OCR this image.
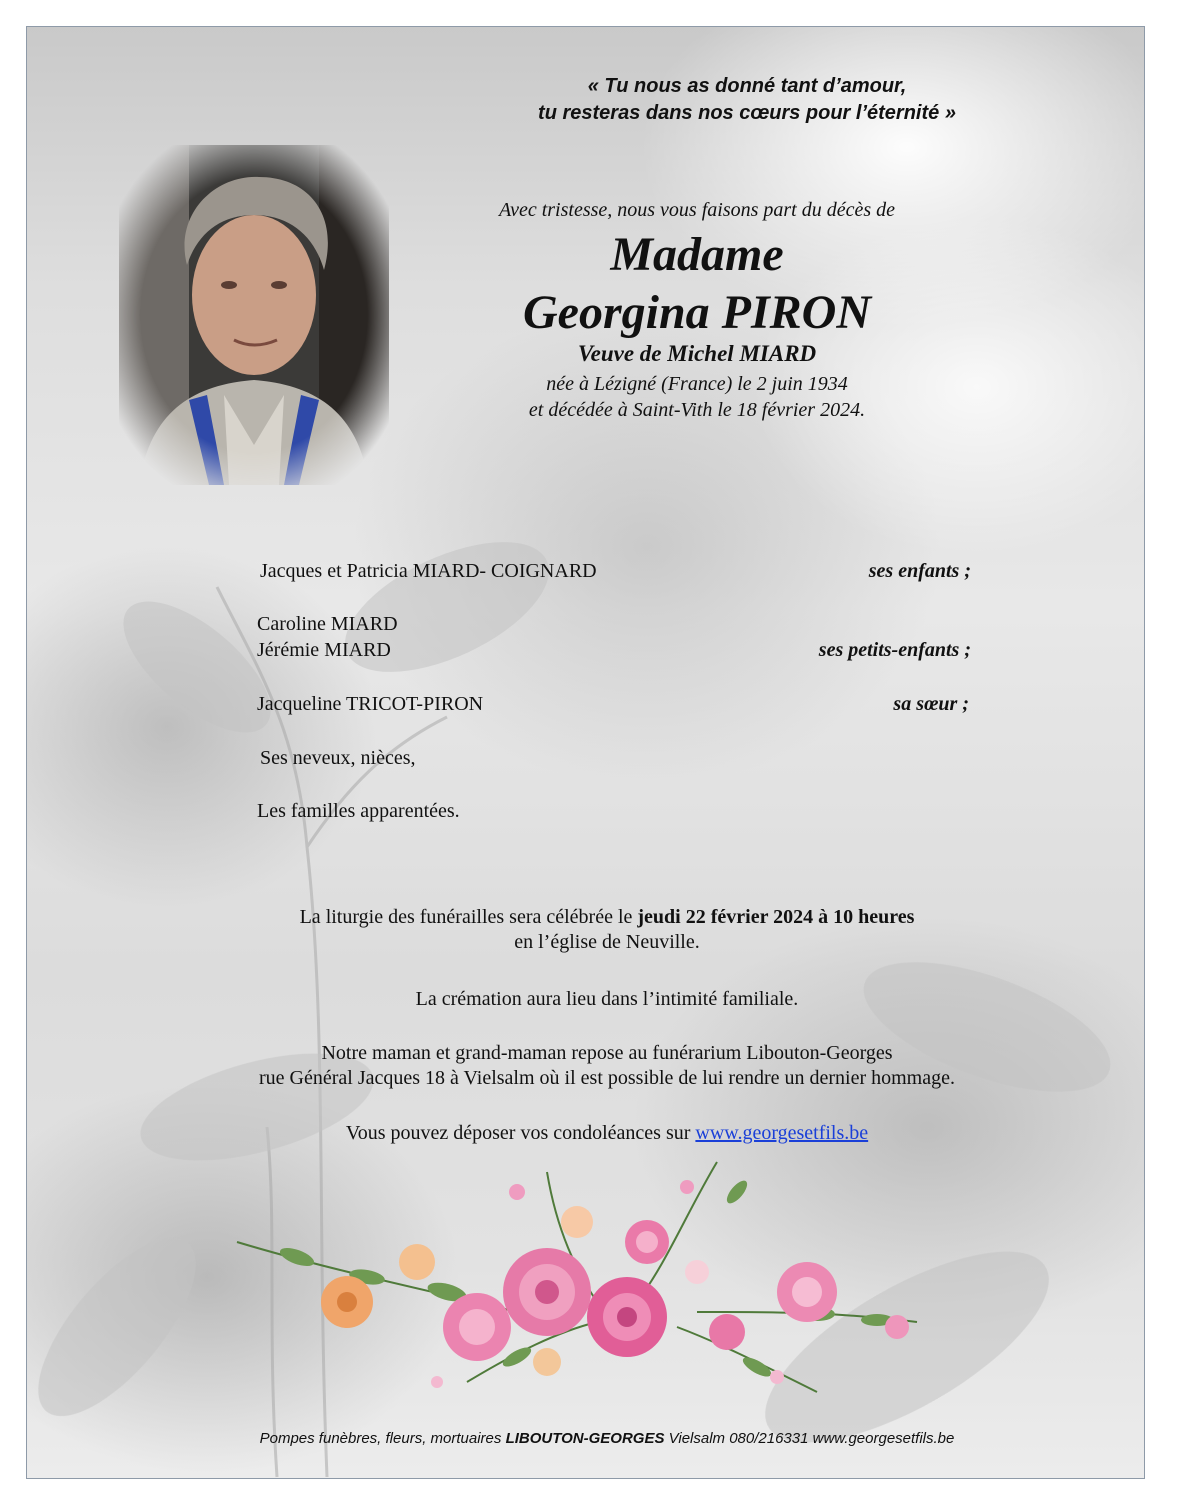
« Tu nous as donné tant d’amour,
tu resteras dans nos cœurs pour l’éternité »
Avec tristesse, nous vous faisons part du décès de
Madame
Georgina PIRON
Veuve de Michel MIARD
née à Lézigné (France) le 2 juin 1934
et décédée à Saint-Vith le 18 février 2024.
Jacques et Patricia MIARD- COIGNARD	ses enfants ;
Caroline MIARD
Jérémie MIARD	ses petits-enfants ;
Jacqueline TRICOT-PIRON	sa sœur ;
Ses neveux, nièces,
Les familles apparentées.
La liturgie des funérailles sera célébrée le jeudi 22 février 2024 à 10 heures
en l’église de Neuville.
La crémation aura lieu dans l’intimité familiale.
Notre maman et grand-maman repose au funérarium Libouton-Georges
rue Général Jacques 18 à Vielsalm où il est possible de lui rendre un dernier hommage.
Vous pouvez déposer vos condoléances sur www.georgesetfils.be
Pompes funèbres, fleurs, mortuaires LIBOUTON-GEORGES Vielsalm 080/216331 www.georgesetfils.be
